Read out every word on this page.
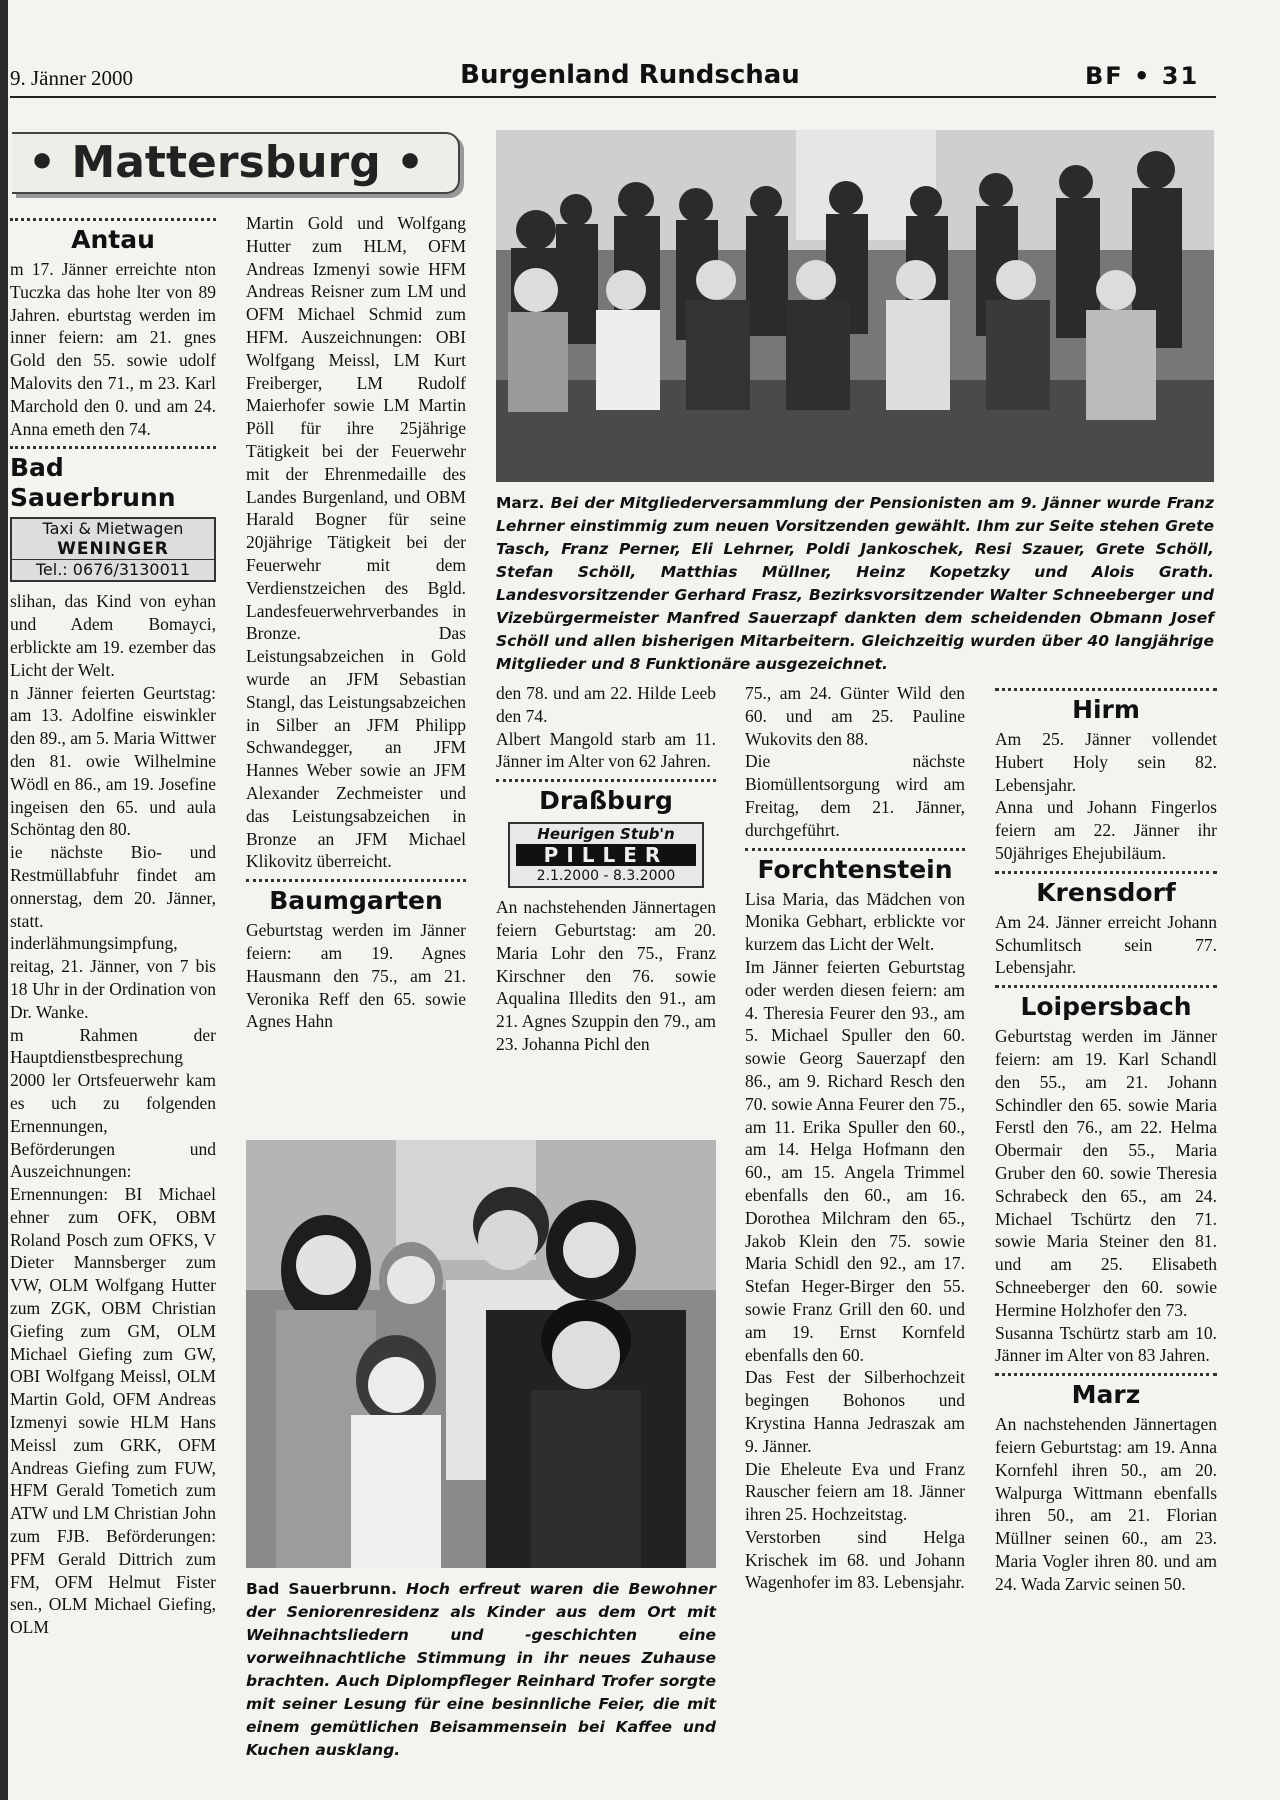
9. Jänner 2000	Burgenland Rundschau	BF • 31
• Mattersburg •
Antau

m 17. Jänner erreichte nton Tuczka das hohe lter von 89 Jahren. eburtstag werden im inner feiern: am 21. gnes Gold den 55. sowie udolf Malovits den 71., m 23. Karl Marchold den 0. und am 24. Anna emeth den 74.

Bad Sauerbrunn
Taxi & Mietwagen
WENINGER
Tel.: 0676/3130011

slihan, das Kind von eyhan und Adem Bomayci, erblickte am 19. ezember das Licht der Welt.

n Jänner feierten Geurtstag: am 13. Adolfine eiswinkler den 89., am 5. Maria Wittwer den 81. owie Wilhelmine Wödl en 86., am 19. Josefine ingeisen den 65. und aula Schöntag den 80.

ie nächste Bio- und Restmüllabfuhr findet am onnerstag, dem 20. Jänner, statt.

inderlähmungsimpfung, reitag, 21. Jänner, von 7 bis 18 Uhr in der Ordination von Dr. Wanke.

m Rahmen der Hauptdienstbesprechung 2000 ler Ortsfeuerwehr kam es uch zu folgenden Ernennungen, Beförderungen und Auszeichnungen: Ernennungen: BI Michael ehner zum OFK, OBM Roland Posch zum OFKS, V Dieter Mannsberger zum VW, OLM Wolfgang Hutter zum ZGK, OBM Christian Giefing zum GM, OLM Michael Giefing zum GW, OBI Wolfgang Meissl, OLM Martin Gold, OFM Andreas Izmenyi sowie HLM Hans Meissl zum GRK, OFM Andreas Giefing zum FUW, HFM Gerald Tometich zum ATW und LM Christian John zum FJB. Beförderungen: PFM Gerald Dittrich zum FM, OFM Helmut Fister sen., OLM Michael Giefing, OLM

Martin Gold und Wolfgang Hutter zum HLM, OFM Andreas Izmenyi sowie HFM Andreas Reisner zum LM und OFM Michael Schmid zum HFM. Auszeichnungen: OBI Wolfgang Meissl, LM Kurt Freiberger, LM Rudolf Maierhofer sowie LM Martin Pöll für ihre 25jährige Tätigkeit bei der Feuerwehr mit der Ehrenmedaille des Landes Burgenland, und OBM Harald Bogner für seine 20jährige Tätigkeit bei der Feuerwehr mit dem Verdienstzeichen des Bgld. Landesfeuerwehrverbandes in Bronze. Das Leistungsabzeichen in Gold wurde an JFM Sebastian Stangl, das Leistungsabzeichen in Silber an JFM Philipp Schwandegger, an JFM Hannes Weber sowie an JFM Alexander Zechmeister und das Leistungsabzeichen in Bronze an JFM Michael Klikovitz überreicht.

Baumgarten

Geburtstag werden im Jänner feiern: am 19. Agnes Hausmann den 75., am 21. Veronika Reff den 65. sowie Agnes Hahn

Marz. Bei der Mitgliederversammlung der Pensionisten am 9. Jänner wurde Franz Lehrner einstimmig zum neuen Vorsitzenden gewählt. Ihm zur Seite stehen Grete Tasch, Franz Perner, Eli Lehrner, Poldi Jankoschek, Resi Szauer, Grete Schöll, Stefan Schöll, Matthias Müllner, Heinz Kopetzky und Alois Grath. Landesvorsitzender Gerhard Frasz, Bezirksvorsitzender Walter Schneeberger und Vizebürgermeister Manfred Sauerzapf dankten dem scheidenden Obmann Josef Schöll und allen bisherigen Mitarbeitern. Gleichzeitig wurden über 40 langjährige Mitglieder und 8 Funktionäre ausgezeichnet.

den 78. und am 22. Hilde Leeb den 74.

Albert Mangold starb am 11. Jänner im Alter von 62 Jahren.

Draßburg
Heurigen Stub'n
PILLER
2.1.2000 - 8.3.2000

An nachstehenden Jännertagen feiern Geburtstag: am 20. Maria Lohr den 75., Franz Kirschner den 76. sowie Aqualina Illedits den 91., am 21. Agnes Szuppin den 79., am 23. Johanna Pichl den

75., am 24. Günter Wild den 60. und am 25. Pauline Wukovits den 88.

Die nächste Biomüllentsorgung wird am Freitag, dem 21. Jänner, durchgeführt.

Forchtenstein

Lisa Maria, das Mädchen von Monika Gebhart, erblickte vor kurzem das Licht der Welt.

Im Jänner feierten Geburtstag oder werden diesen feiern: am 4. Theresia Feurer den 93., am 5. Michael Spuller den 60. sowie Georg Sauerzapf den 86., am 9. Richard Resch den 70. sowie Anna Feurer den 75., am 11. Erika Spuller den 60., am 14. Helga Hofmann den 60., am 15. Angela Trimmel ebenfalls den 60., am 16. Dorothea Milchram den 65., Jakob Klein den 75. sowie Maria Schidl den 92., am 17. Stefan Heger-Birger den 55. sowie Franz Grill den 60. und am 19. Ernst Kornfeld ebenfalls den 60.

Das Fest der Silberhochzeit begingen Bohonos und Krystina Hanna Jedraszak am 9. Jänner.

Die Eheleute Eva und Franz Rauscher feiern am 18. Jänner ihren 25. Hochzeitstag.

Verstorben sind Helga Krischek im 68. und Johann Wagenhofer im 83. Lebensjahr.

Hirm

Am 25. Jänner vollendet Hubert Holy sein 82. Lebensjahr.

Anna und Johann Fingerlos feiern am 22. Jänner ihr 50jähriges Ehejubiläum.

Krensdorf

Am 24. Jänner erreicht Johann Schumlitsch sein 77. Lebensjahr.

Loipersbach

Geburtstag werden im Jänner feiern: am 19. Karl Schandl den 55., am 21. Johann Schindler den 65. sowie Maria Ferstl den 76., am 22. Helma Obermair den 55., Maria Gruber den 60. sowie Theresia Schrabeck den 65., am 24. Michael Tschürtz den 71. sowie Maria Steiner den 81. und am 25. Elisabeth Schneeberger den 60. sowie Hermine Holzhofer den 73.

Susanna Tschürtz starb am 10. Jänner im Alter von 83 Jahren.

Marz

An nachstehenden Jännertagen feiern Geburtstag: am 19. Anna Kornfehl ihren 50., am 20. Walpurga Wittmann ebenfalls ihren 50., am 21. Florian Müllner seinen 60., am 23. Maria Vogler ihren 80. und am 24. Wada Zarvic seinen 50.

Bad Sauerbrunn. Hoch erfreut waren die Bewohner der Seniorenresidenz als Kinder aus dem Ort mit Weihnachtsliedern und -geschichten eine vorweihnachtliche Stimmung in ihr neues Zuhause brachten. Auch Diplompfleger Reinhard Trofer sorgte mit seiner Lesung für eine besinnliche Feier, die mit einem gemütlichen Beisammensein bei Kaffee und Kuchen ausklang.
